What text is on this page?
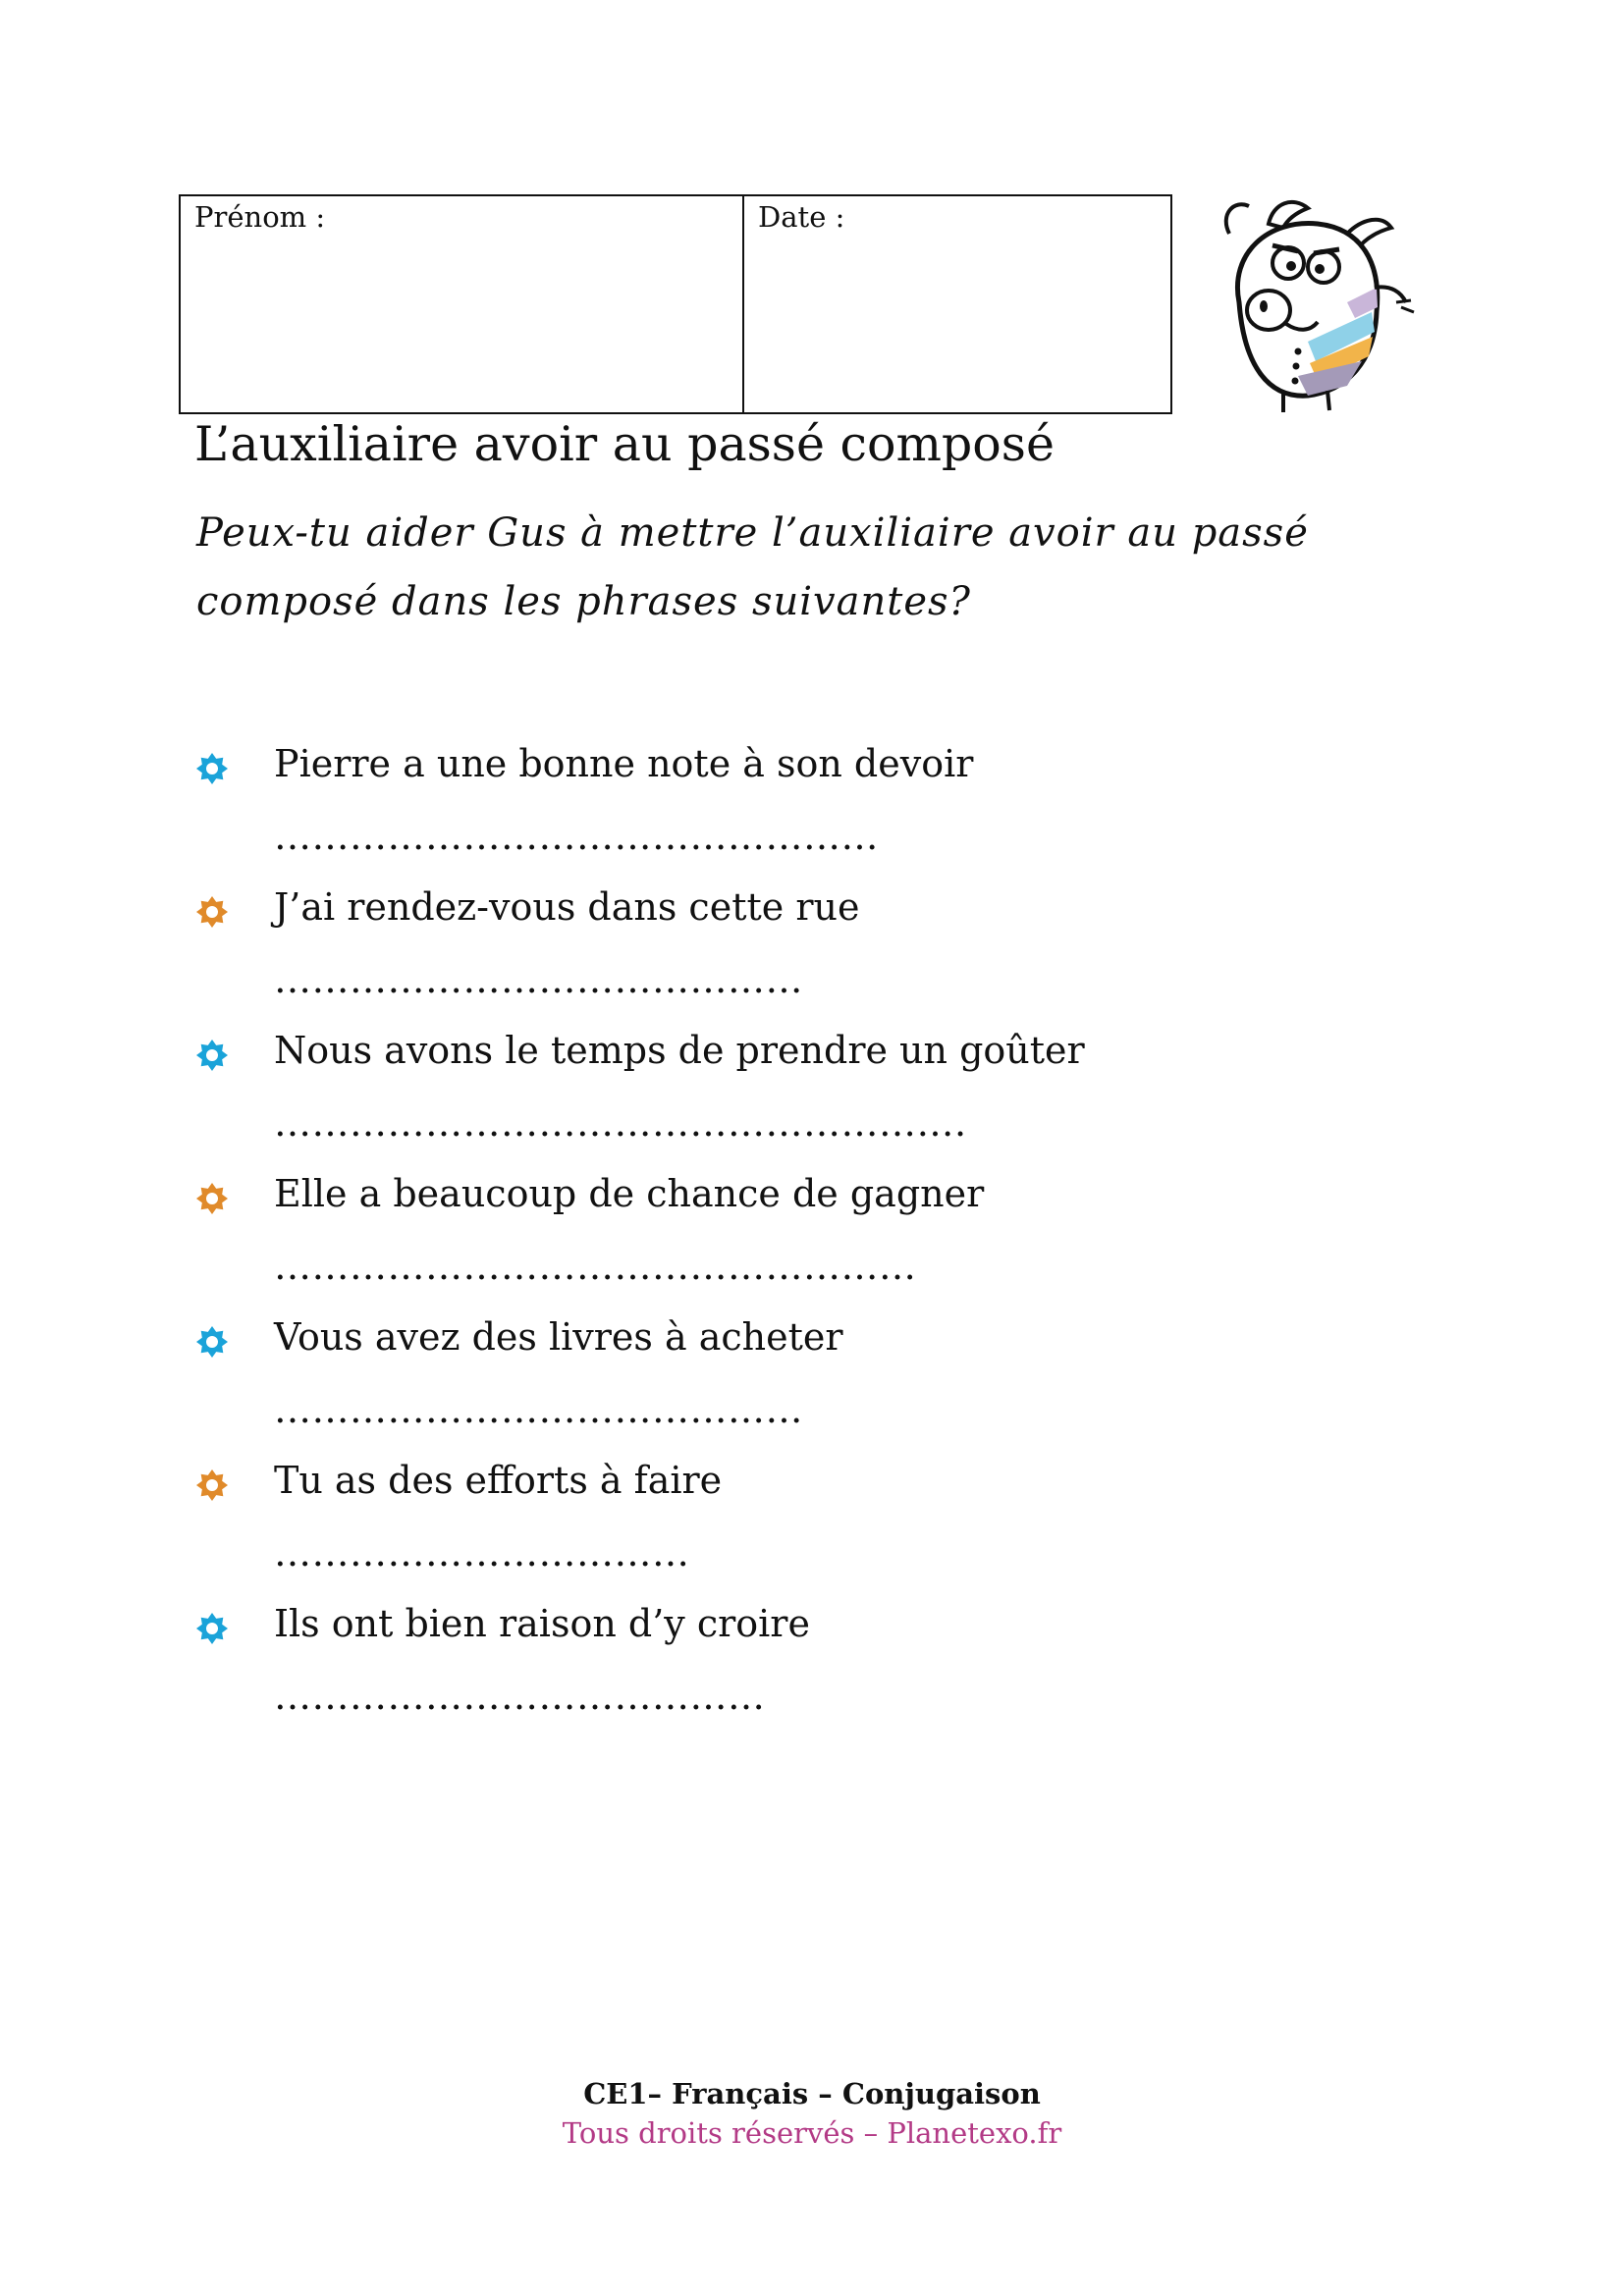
Prénom :	Date :
L’auxiliaire avoir au passé composé
Peux-tu aider Gus à mettre l’auxiliaire avoir au passé composé dans les phrases suivantes?
Pierre a une bonne note à son devoir
…………………………………………
J’ai rendez-vous dans cette rue
……………………………………
Nous avons le temps de prendre un goûter
……………………………………………….
Elle a beaucoup de chance de gagner
……………………………………………
Vous avez des livres à acheter
……………………………………
Tu as des efforts à faire
……………………………
Ils ont bien raison d’y croire
…………………………………
CE1– Français – Conjugaison
Tous droits réservés – Planetexo.fr
